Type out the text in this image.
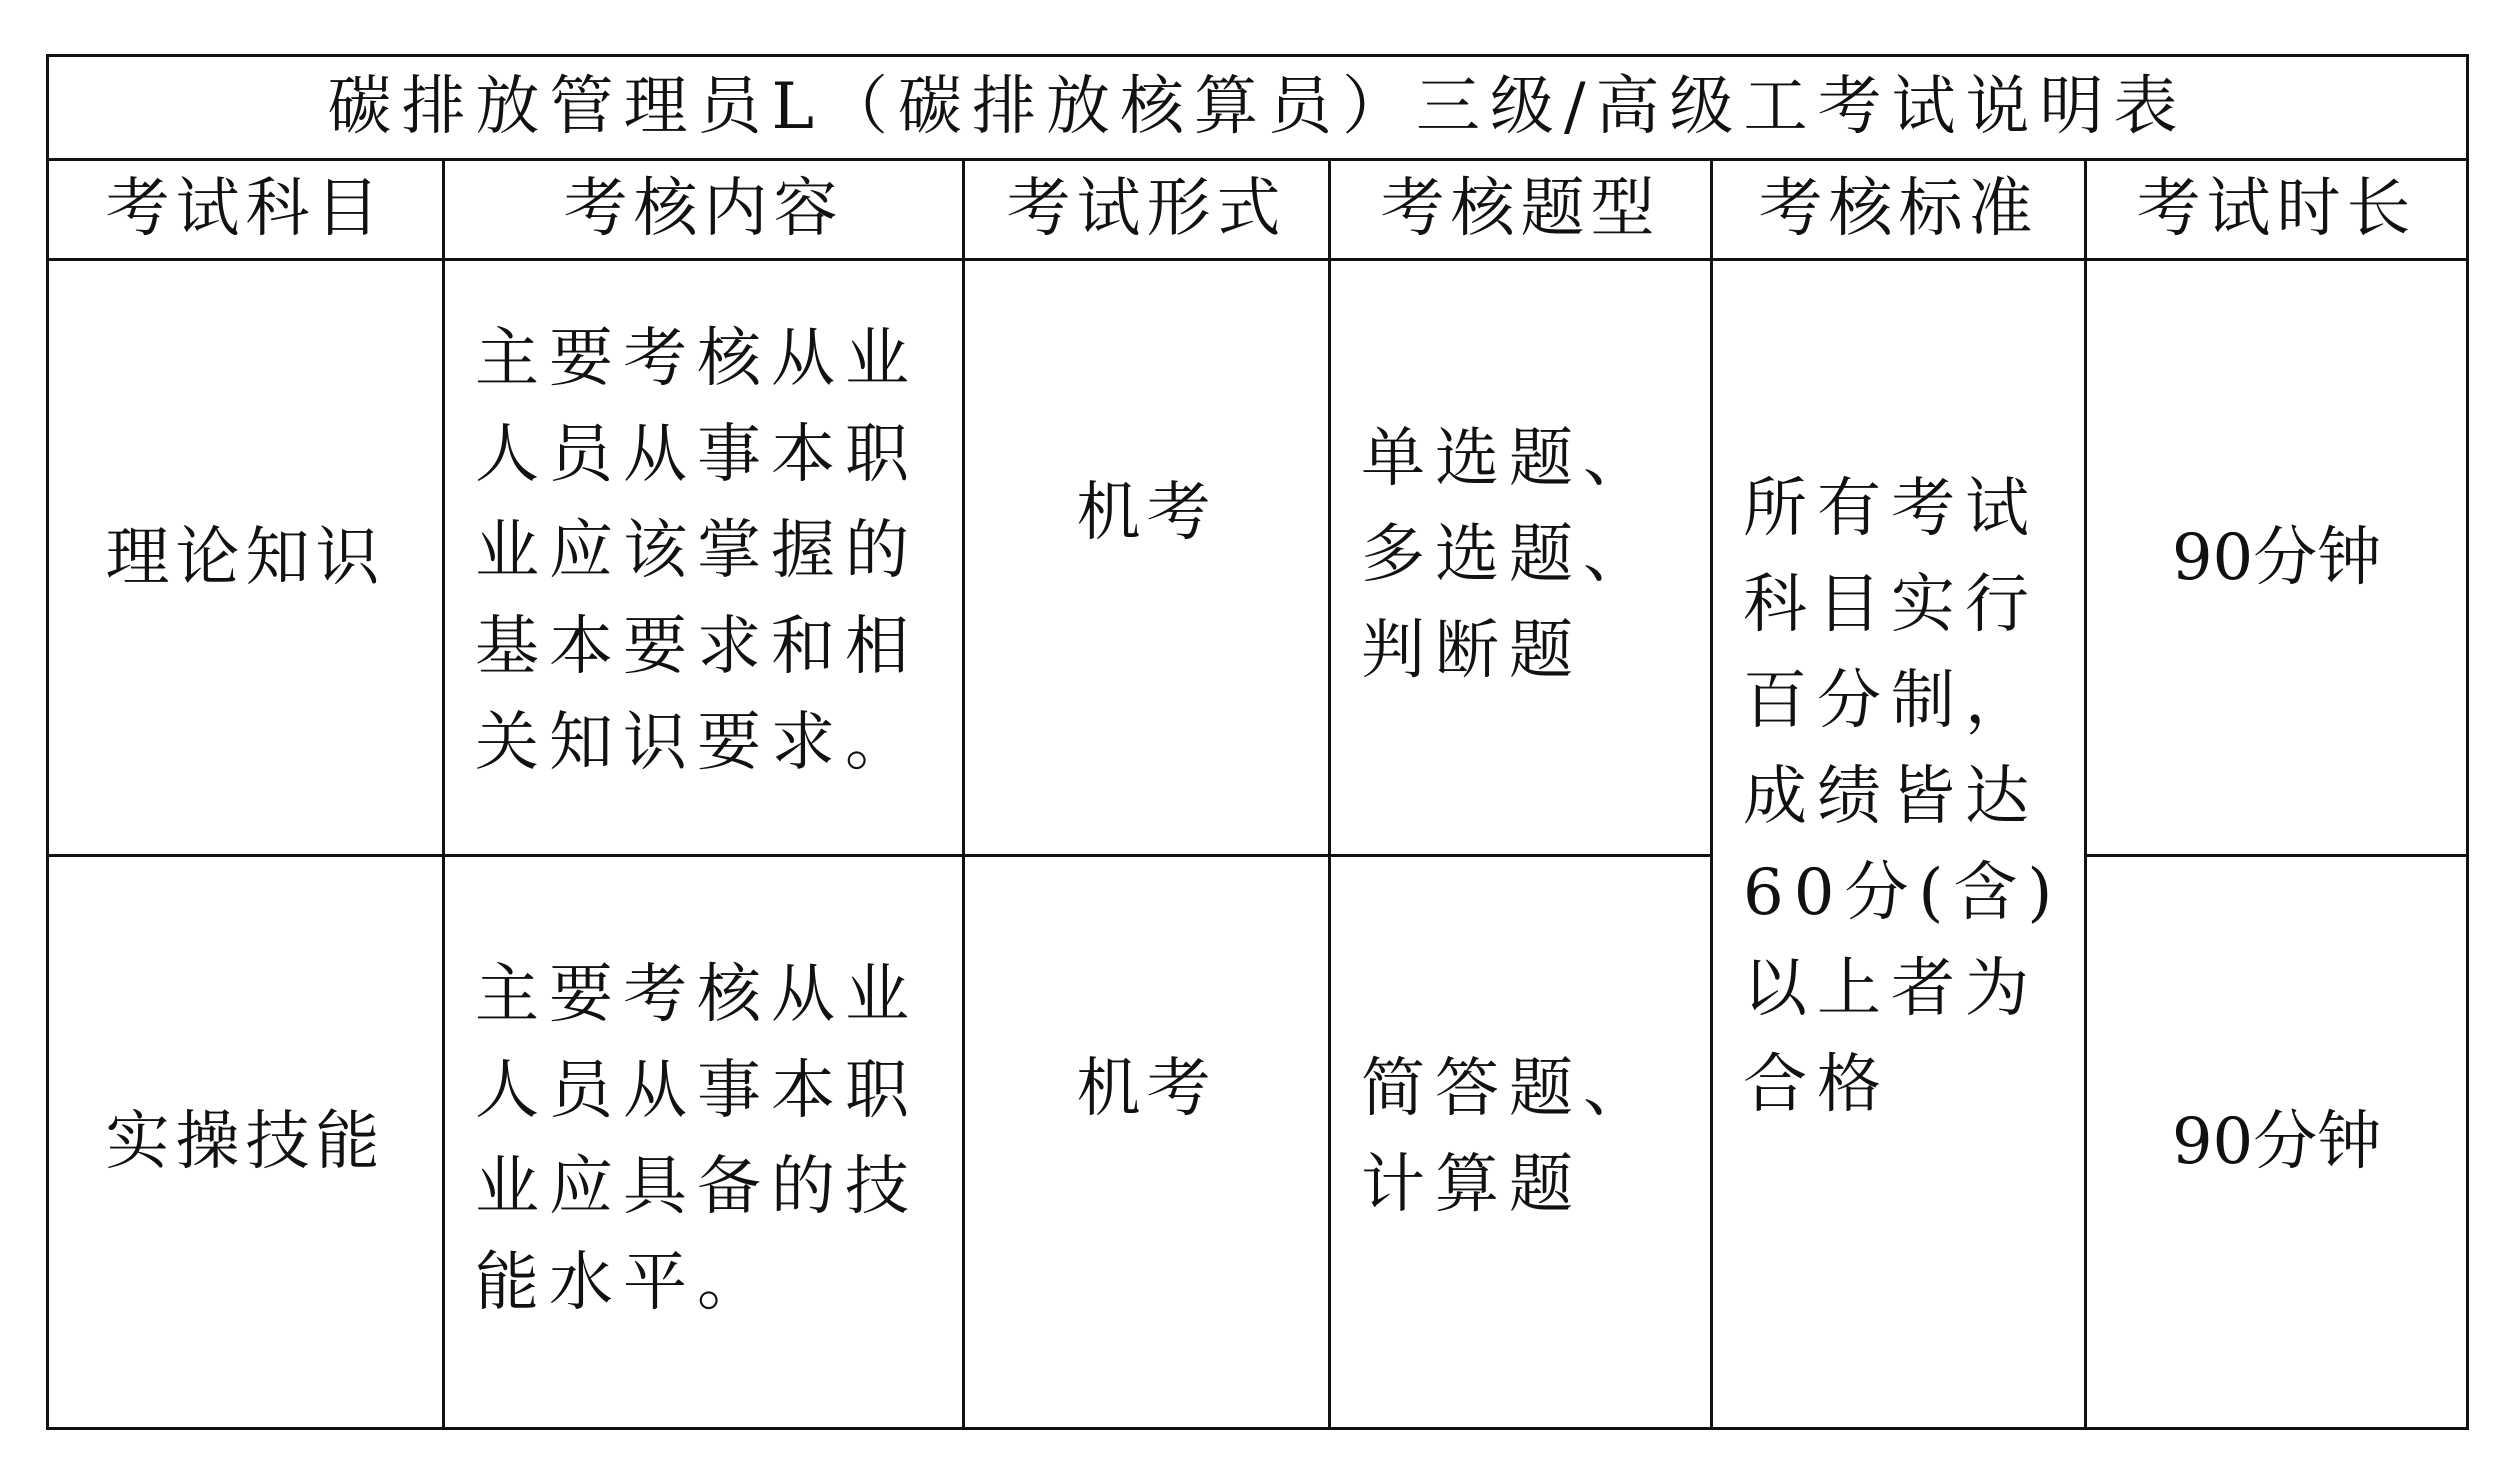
碳排放管理员L（碳排放核算员）三级/高级工考试说明表					
考试科目	考核内容	考试形式	考核题型	考核标准	考试时长
理论知识	主要考核从业人员从事本职业应该掌握的基本要求和相关知识要求。	机考	单选题、多选题、判断题	所有考试科目实行百分制，成绩皆达60分(含)以上者为合格	90分钟
实操技能	主要考核从业人员从事本职业应具备的技能水平。	机考	简答题、计算题		90分钟
